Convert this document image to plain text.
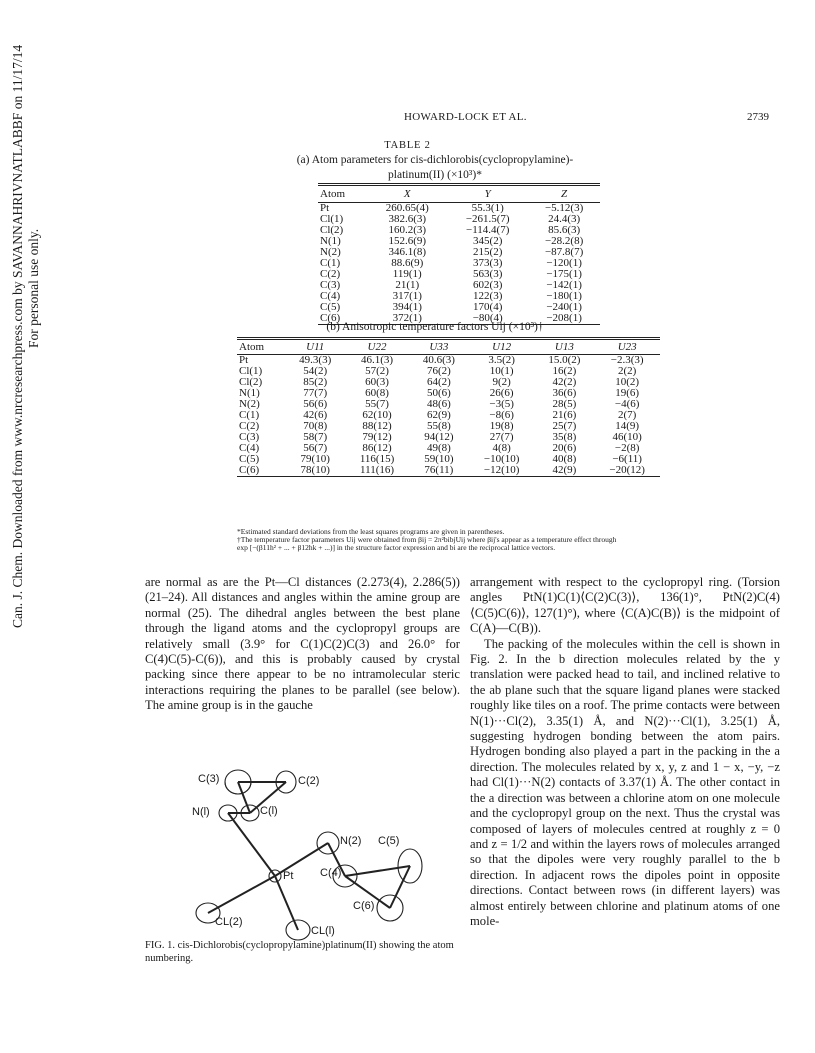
Can. J. Chem. Downloaded from www.nrcresearchpress.com by SAVANNAHRIVNATLABBF on 11/17/14 For personal use only.
HOWARD-LOCK ET AL.	2739
TABLE 2
(a) Atom parameters for cis-dichlorobis(cyclopropylamine)-
platinum(II) (×10³)*
Atom	X	Y	Z
Pt	260.65(4)	55.3(1)	−5.12(3)
Cl(1)	382.6(3)	−261.5(7)	24.4(3)
Cl(2)	160.2(3)	−114.4(7)	85.6(3)
N(1)	152.6(9)	345(2)	−28.2(8)
N(2)	346.1(8)	215(2)	−87.8(7)
C(1)	88.6(9)	373(3)	−120(1)
C(2)	119(1)	563(3)	−175(1)
C(3)	21(1)	602(3)	−142(1)
C(4)	317(1)	122(3)	−180(1)
C(5)	394(1)	170(4)	−240(1)
C(6)	372(1)	−80(4)	−208(1)
(b) Anisotropic temperature factors Uij (×10³)†
Atom	U11	U22	U33	U12	U13	U23
Pt	49.3(3)	46.1(3)	40.6(3)	3.5(2)	15.0(2)	−2.3(3)
Cl(1)	54(2)	57(2)	76(2)	10(1)	16(2)	2(2)
Cl(2)	85(2)	60(3)	64(2)	9(2)	42(2)	10(2)
N(1)	77(7)	60(8)	50(6)	26(6)	36(6)	19(6)
N(2)	56(6)	55(7)	48(6)	−3(5)	28(5)	−4(6)
C(1)	42(6)	62(10)	62(9)	−8(6)	21(6)	2(7)
C(2)	70(8)	88(12)	55(8)	19(8)	25(7)	14(9)
C(3)	58(7)	79(12)	94(12)	27(7)	35(8)	46(10)
C(4)	56(7)	86(12)	49(8)	4(8)	20(6)	−2(8)
C(5)	79(10)	116(15)	59(10)	−10(10)	40(8)	−6(11)
C(6)	78(10)	111(16)	76(11)	−12(10)	42(9)	−20(12)
*Estimated standard deviations from the least squares programs are given in parentheses.
†The temperature factor parameters Uij were obtained from βij = 2π²bibjUij where βij's appear as a temperature effect through
exp [−(β11h² + ... + β12hk + ...)] in the structure factor expression and bi are the reciprocal lattice vectors.

are normal as are the Pt—Cl distances (2.273(4), 2.286(5)) (21–24). All distances and angles within the amine group are normal (25). The dihedral angles between the best plane through the ligand atoms and the cyclopropyl groups are relatively small (3.9° for C(1)C(2)C(3) and 26.0° for C(4)C(5)-C(6)), and this is probably caused by crystal packing since there appear to be no intramolecular steric interactions requiring the planes to be parallel (see below). The amine group is in the gauche

arrangement with respect to the cyclopropyl ring. (Torsion angles PtN(1)C(1)⟨C(2)C(3)⟩, 136(1)°, PtN(2)C(4)⟨C(5)C(6)⟩, 127(1)°), where ⟨C(A)C(B)⟩ is the midpoint of C(A)—C(B)).

The packing of the molecules within the cell is shown in Fig. 2. In the b direction molecules related by the y translation were packed head to tail, and inclined relative to the ab plane such that the square ligand planes were stacked roughly like tiles on a roof. The prime contacts were between N(1)···Cl(2), 3.35(1) Å, and N(2)···Cl(1), 3.25(1) Å, suggesting hydrogen bonding between the atom pairs. Hydrogen bonding also played a part in the packing in the a direction. The molecules related by x, y, z and 1 − x, −y, −z had Cl(1)···N(2) contacts of 3.37(1) Å. The other contact in the a direction was between a chlorine atom on one molecule and the cyclopropyl group on the next. Thus the crystal was composed of layers of molecules centred at roughly z = 0 and z = 1/2 and within the layers rows of molecules arranged so that the dipoles were very roughly parallel to the b direction. In adjacent rows the dipoles point in opposite directions. Contact between rows (in different layers) was almost entirely between chlorine and platinum atoms of one mole-

C(3)	C(2)
N(l)	C(l)
N(2) C(5)
C(4)
Pt
C(6)
CL(2)
CL(l)
FIG. 1. cis-Dichlorobis(cyclopropylamine)platinum(II) showing the atom numbering.
